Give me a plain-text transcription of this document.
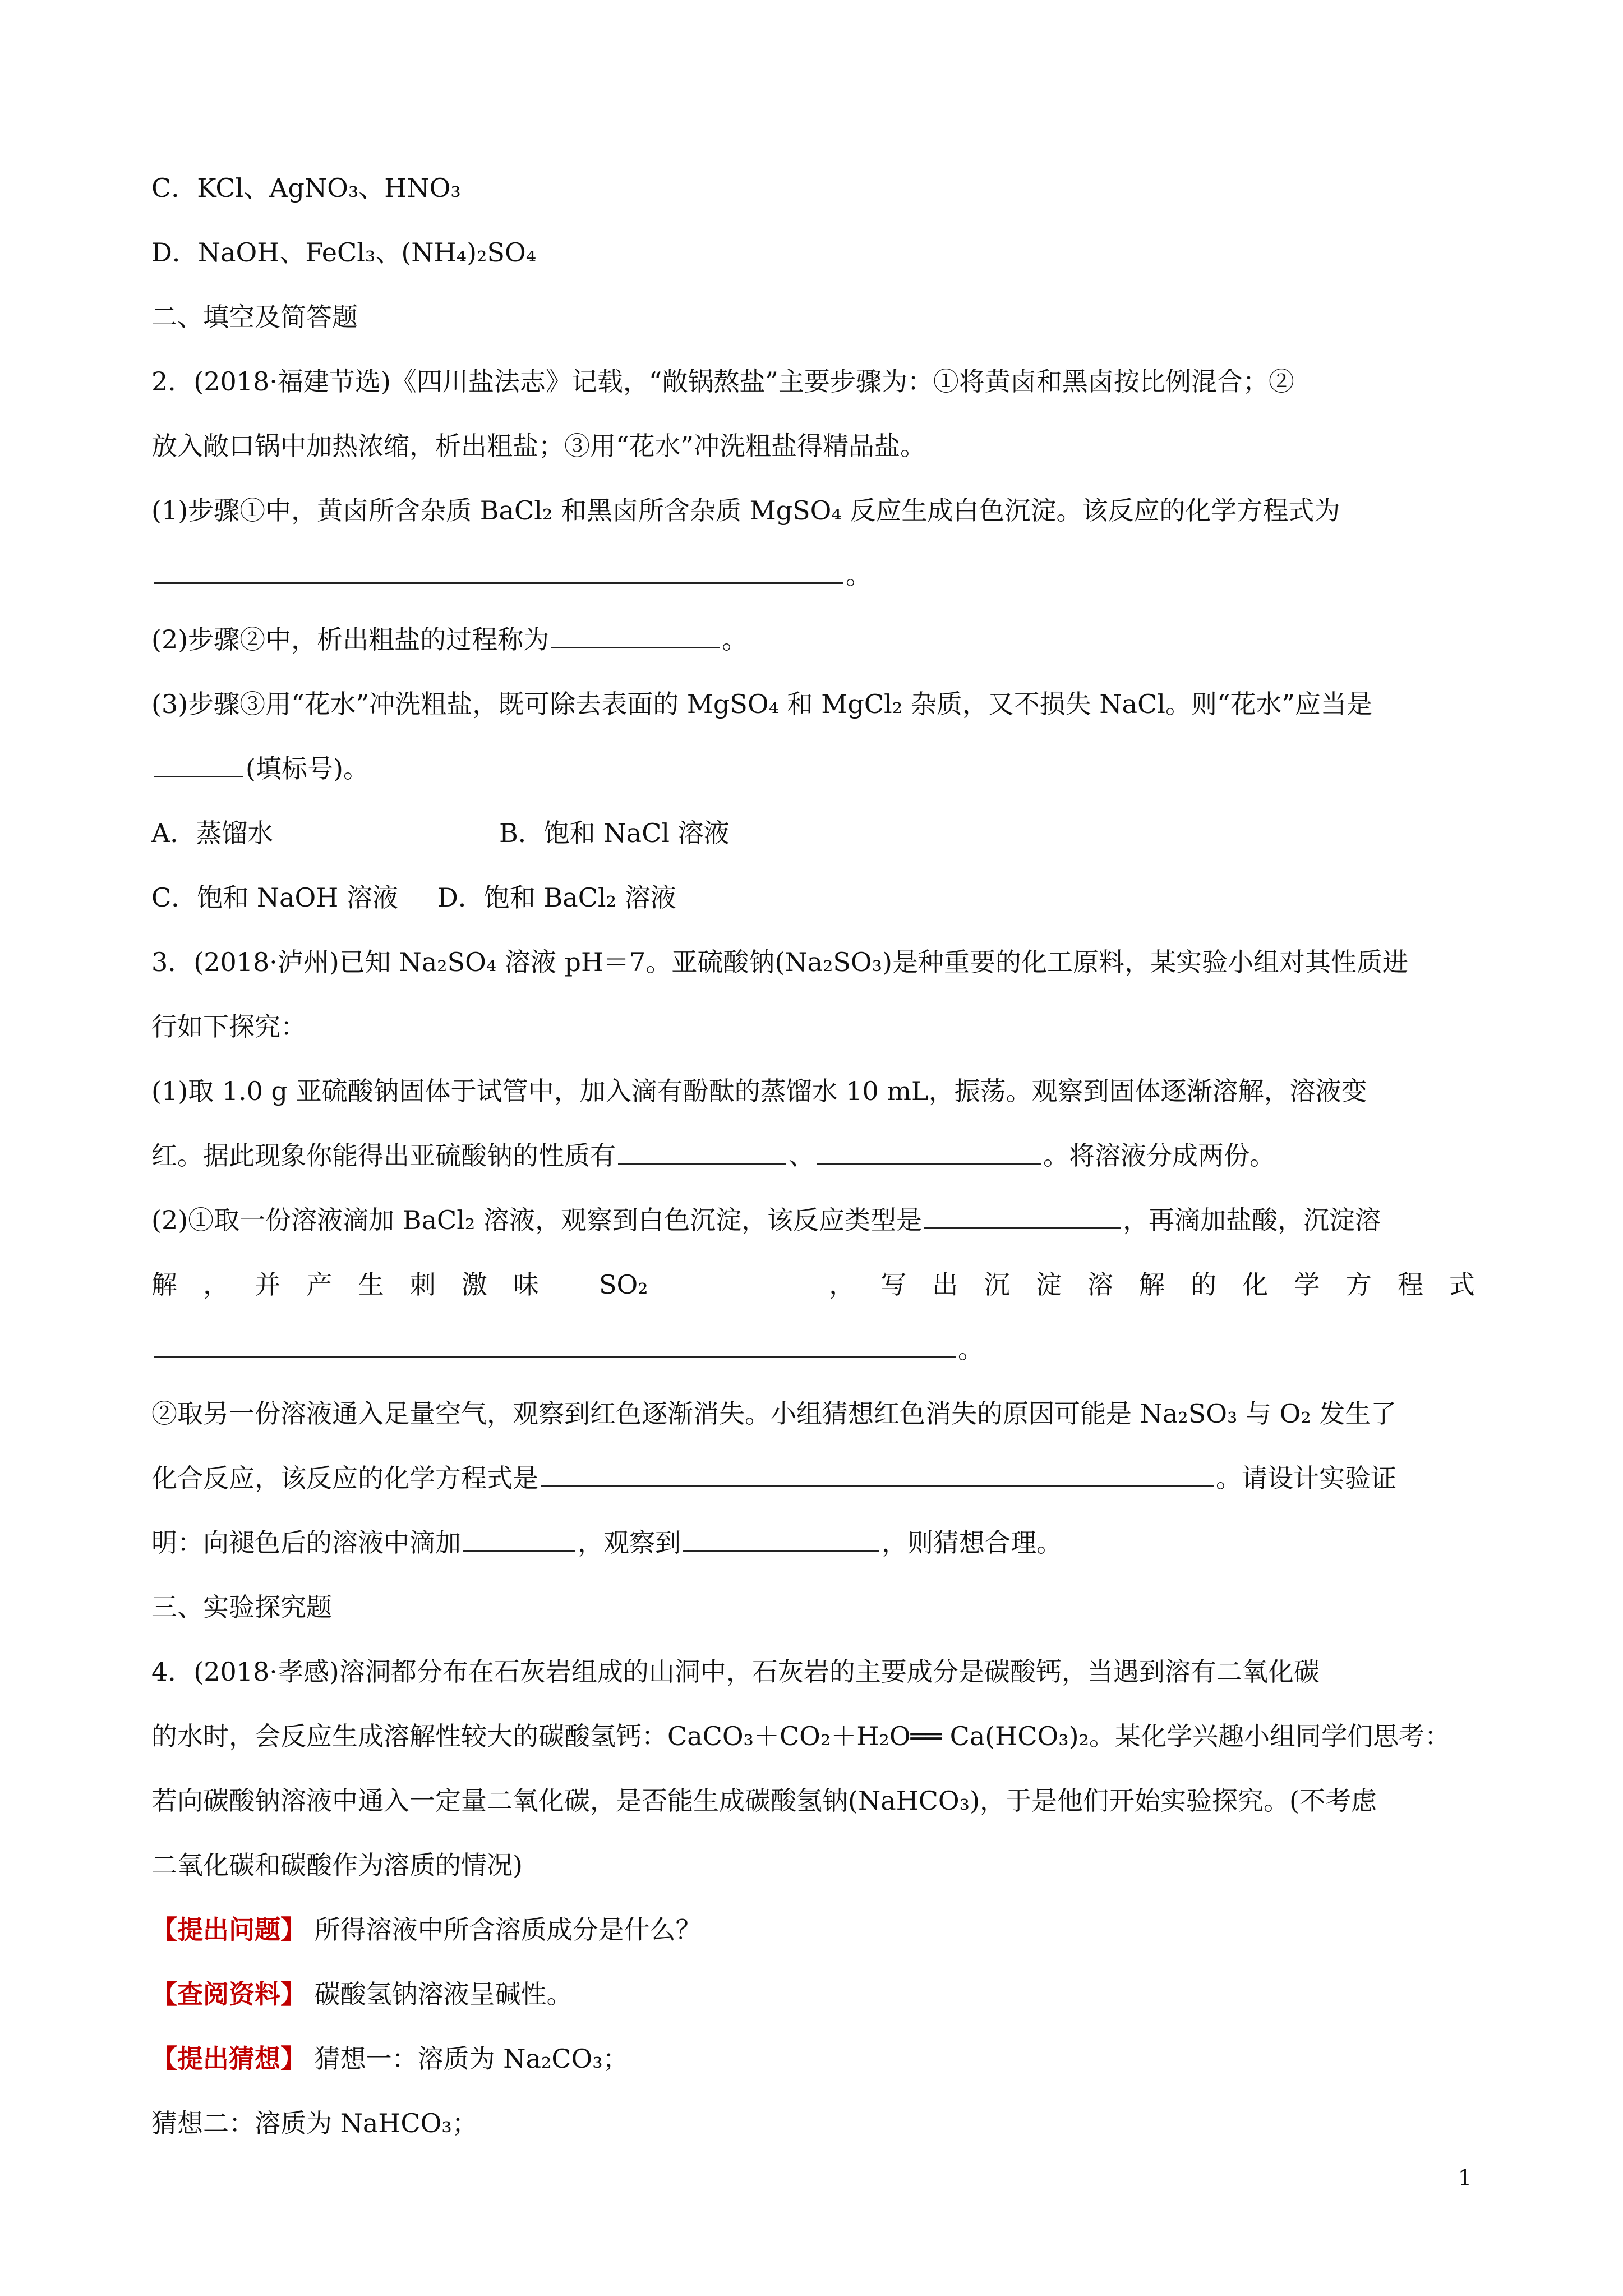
C．KCl、AgNO₃、HNO₃
D．NaOH、FeCl₃、(NH₄)₂SO₄
二、填空及简答题
2．(2018·福建节选)《四川盐法志》记载，“敞锅熬盐”主要步骤为：①将黄卤和黑卤按比例混合；②
放入敞口锅中加热浓缩，析出粗盐；③用“花水”冲洗粗盐得精品盐。
(1)步骤①中，黄卤所含杂质 BaCl₂ 和黑卤所含杂质 MgSO₄ 反应生成白色沉淀。该反应的化学方程式为
。
(2)步骤②中，析出粗盐的过程称为	。
(3)步骤③用“花水”冲洗粗盐，既可除去表面的 MgSO₄ 和 MgCl₂ 杂质，又不损失 NaCl。则“花水”应当是
(填标号)。
A．蒸馏水	B．饱和 NaCl 溶液
C．饱和 NaOH 溶液 D．饱和 BaCl₂ 溶液
3．(2018·泸州)已知 Na₂SO₄ 溶液 pH＝7。亚硫酸钠(Na₂SO₃)是种重要的化工原料，某实验小组对其性质进
行如下探究：
(1)取 1.0 g 亚硫酸钠固体于试管中，加入滴有酚酞的蒸馏水 10 mL，振荡。观察到固体逐渐溶解，溶液变
红。据此现象你能得出亚硫酸钠的性质有	、	。将溶液分成两份。
(2)①取一份溶液滴加 BaCl₂ 溶液，观察到白色沉淀，该反应类型是	，再滴加盐酸，沉淀溶
解，并产生刺激味 SO₂　　　，写出沉淀溶解的化学方程式
。
②取另一份溶液通入足量空气，观察到红色逐渐消失。小组猜想红色消失的原因可能是 Na₂SO₃ 与 O₂ 发生了
化合反应，该反应的化学方程式是	。请设计实验证
明：向褪色后的溶液中滴加	，观察到	，则猜想合理。
三、实验探究题
4．(2018·孝感)溶洞都分布在石灰岩组成的山洞中，石灰岩的主要成分是碳酸钙，当遇到溶有二氧化碳
的水时，会反应生成溶解性较大的碳酸氢钙：CaCO₃＋CO₂＋H₂O══ Ca(HCO₃)₂。某化学兴趣小组同学们思考：
若向碳酸钠溶液中通入一定量二氧化碳，是否能生成碳酸氢钠(NaHCO₃)，于是他们开始实验探究。(不考虑
二氧化碳和碳酸作为溶质的情况)
【提出问题】 所得溶液中所含溶质成分是什么？
【查阅资料】 碳酸氢钠溶液呈碱性。
【提出猜想】 猜想一：溶质为 Na₂CO₃；
猜想二：溶质为 NaHCO₃；
1
